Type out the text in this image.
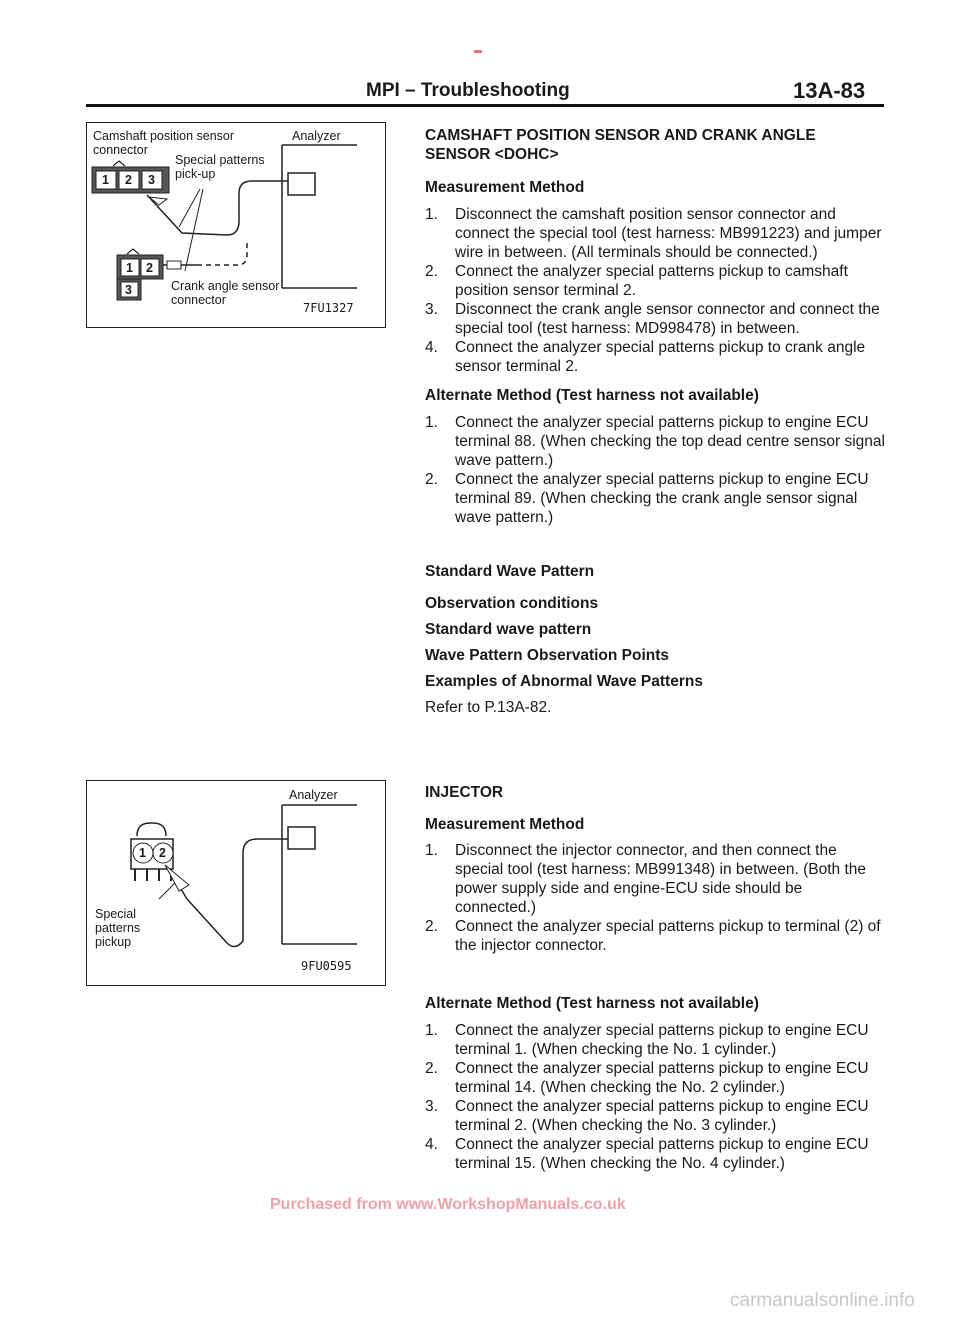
MPI – Troubleshooting	13A-83
Camshaft position sensor connector
Analyzer
Special patterns pick-up
1 2 3
1 2
3	Crank angle sensor connector
7FU1327
CAMSHAFT POSITION SENSOR AND CRANK ANGLE SENSOR <DOHC>
Measurement Method
1. Disconnect the camshaft position sensor connector and connect the special tool (test harness: MB991223) and jumper wire in between. (All terminals should be connected.)
2. Connect the analyzer special patterns pickup to camshaft position sensor terminal 2.
3. Disconnect the crank angle sensor connector and connect the special tool (test harness: MD998478) in between.
4. Connect the analyzer special patterns pickup to crank angle sensor terminal 2.
Alternate Method (Test harness not available)
1. Connect the analyzer special patterns pickup to engine ECU terminal 88. (When checking the top dead centre sensor signal wave pattern.)
2. Connect the analyzer special patterns pickup to engine ECU terminal 89. (When checking the crank angle sensor signal wave pattern.)
Standard Wave Pattern
Observation conditions
Standard wave pattern
Wave Pattern Observation Points
Examples of Abnormal Wave Patterns
Refer to P.13A-82.
Analyzer
1 2
Special patterns pickup
9FU0595
INJECTOR
Measurement Method
1. Disconnect the injector connector, and then connect the special tool (test harness: MB991348) in between. (Both the power supply side and engine-ECU side should be connected.)
2. Connect the analyzer special patterns pickup to terminal (2) of the injector connector.
Alternate Method (Test harness not available)
1. Connect the analyzer special patterns pickup to engine ECU terminal 1. (When checking the No. 1 cylinder.)
2. Connect the analyzer special patterns pickup to engine ECU terminal 14. (When checking the No. 2 cylinder.)
3. Connect the analyzer special patterns pickup to engine ECU terminal 2. (When checking the No. 3 cylinder.)
4. Connect the analyzer special patterns pickup to engine ECU terminal 15. (When checking the No. 4 cylinder.)
Purchased from www.WorkshopManuals.co.uk
carmanualsonline.info
